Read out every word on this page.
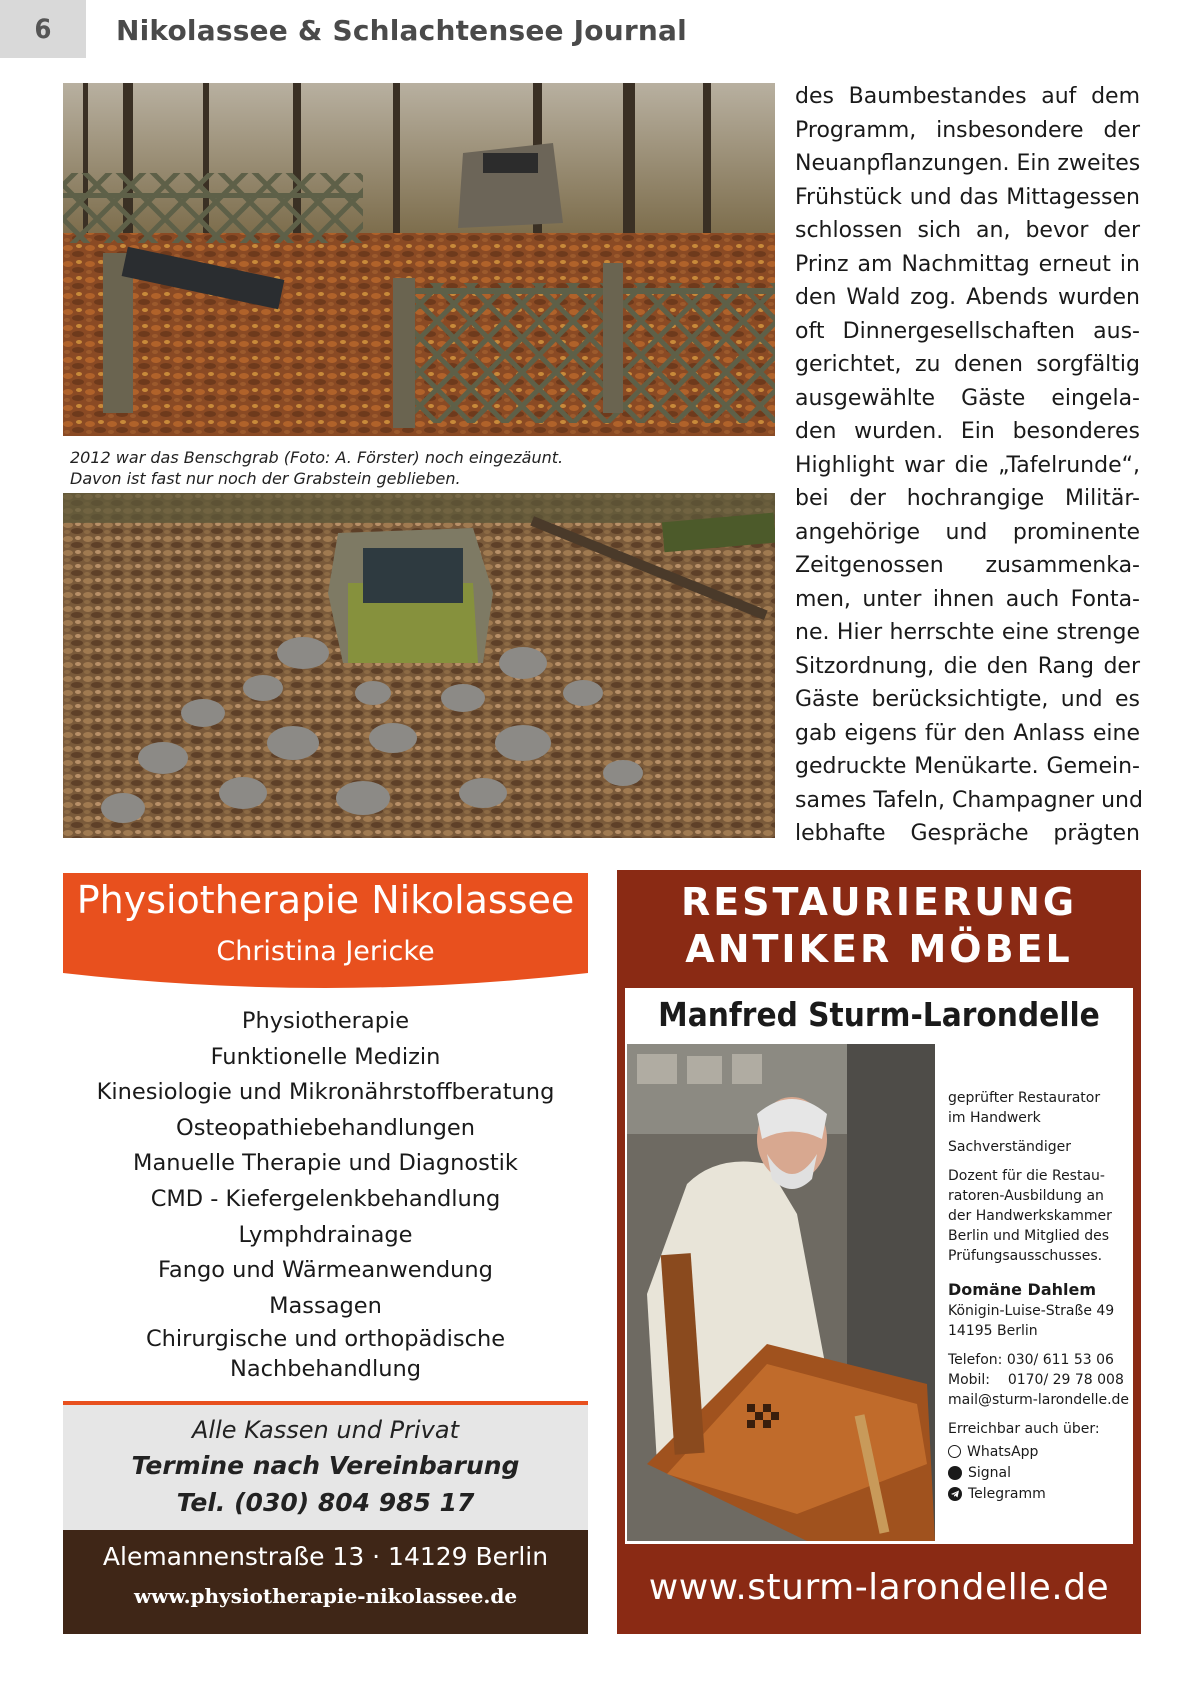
6	Nikolassee & Schlachtensee Journal
2012 war das Benschgrab (Foto: A. Förster) noch eingezäunt.
Davon ist fast nur noch der Grabstein geblieben.
des Baumbestandes auf dem
Programm, insbesondere der
Neuanpflanzungen. Ein zweites
Frühstück und das Mittagessen
schlossen sich an, bevor der
Prinz am Nachmittag erneut in
den Wald zog. Abends wurden
oft Dinnergesellschaften aus-
gerichtet, zu denen sorgfältig
ausgewählte Gäste eingela-
den wurden. Ein besonderes
Highlight war die „Tafelrunde“,
bei der hochrangige Militär-
angehörige und prominente
Zeitgenossen zusammenka-
men, unter ihnen auch Fonta-
ne. Hier herrschte eine strenge
Sitzordnung, die den Rang der
Gäste berücksichtigte, und es
gab eigens für den Anlass eine
gedruckte Menükarte. Gemein-
sames Tafeln, Champagner und
lebhafte Gespräche prägten
Physiotherapie Nikolassee
Christina Jericke
Physiotherapie
Funktionelle Medizin
Kinesiologie und Mikronährstoffberatung
Osteopathiebehandlungen
Manuelle Therapie und Diagnostik
CMD - Kiefergelenkbehandlung
Lymphdrainage
Fango und Wärmeanwendung
Massagen
Chirurgische und orthopädische
Nachbehandlung
Alle Kassen und Privat
Termine nach Vereinbarung
Tel. (030) 804 985 17
Alemannenstraße 13 · 14129 Berlin
www.physiotherapie-nikolassee.de
RESTAURIERUNG
ANTIKER MÖBEL
Manfred Sturm-Larondelle

geprüfter Restaurator
im Handwerk

Sachverständiger

Dozent für die Restau-
ratoren-Ausbildung an
der Handwerkskammer
Berlin und Mitglied des
Prüfungsausschusses.

Domäne Dahlem
Königin-Luise-Straße 49
14195 Berlin

Telefon: 030/ 611 53 06
Mobil:    0170/ 29 78 008
mail@sturm-larondelle.de

Erreichbar auch über:

WhatsApp
Signal
Telegramm
www.sturm-larondelle.de
